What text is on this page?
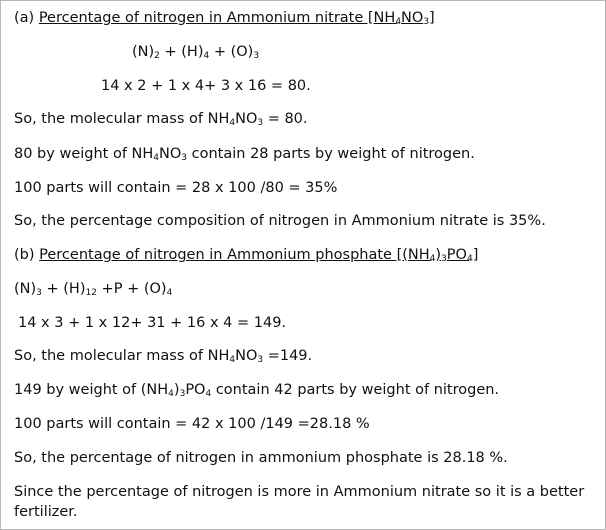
(a) Percentage of nitrogen in Ammonium nitrate $[NH_4NO_3]$
$(N)_2 + (H)_4 + (O)_3$
14 x 2 + 1 x 4+ 3 x 16 = 80.
So, the molecular mass of $NH_4NO_3 = 80$.
80 by weight of $NH_4NO_3$ contain 28 parts by weight of nitrogen.
100 parts will contain = 28 x 100 /80 = 35%
So, the percentage composition of nitrogen in Ammonium nitrate is 35%.
(b) Percentage of nitrogen in Ammonium phosphate $[(NH_4)_3PO_4]$
$(N)_3 + (H)_{12} +P + (O)_4$
14 x 3 + 1 x 12+ 31 + 16 x 4 = 149.
So, the molecular mass of $NH_4NO_3 =149$.
149 by weight of $(NH_4)_3PO_4$ contain 42 parts by weight of nitrogen.
100 parts will contain = 42 x 100 /149 =28.18 %
So, the percentage of nitrogen in ammonium phosphate is 28.18 %.
Since the percentage of nitrogen is more in Ammonium nitrate so it is a better
fertilizer.
